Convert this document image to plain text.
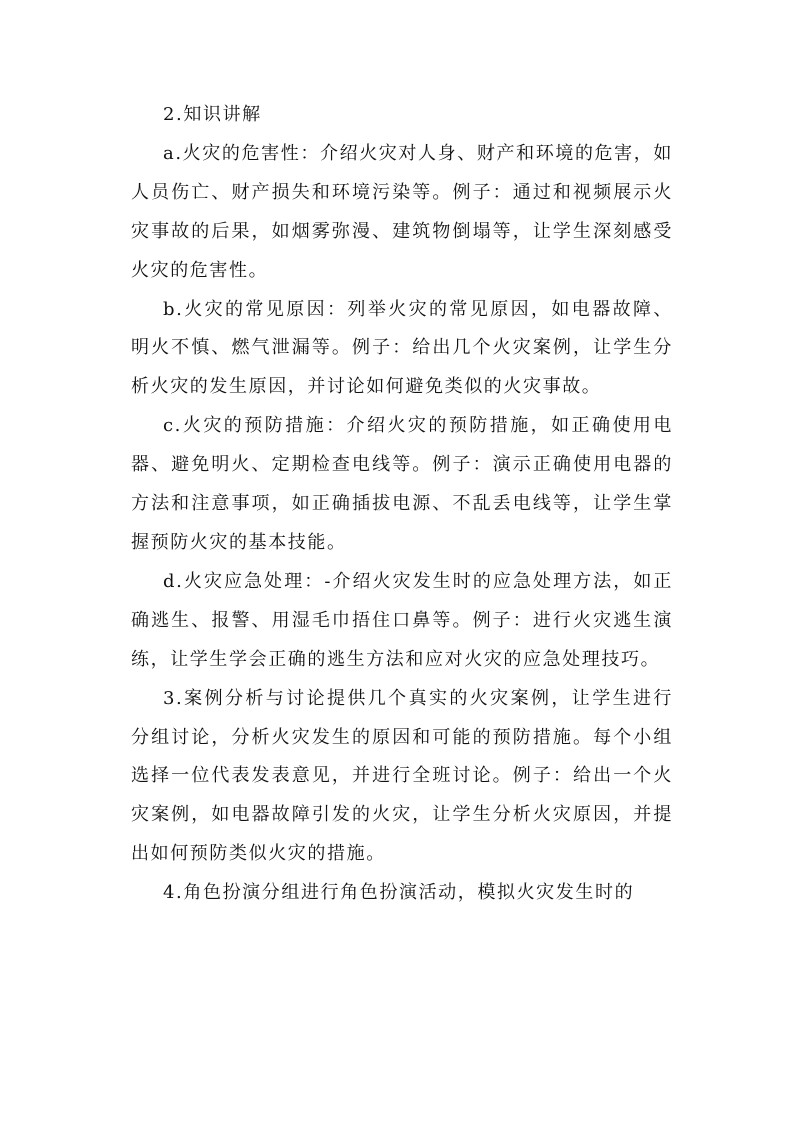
2.知识讲解

a.火灾的危害性：介绍火灾对人身、财产和环境的危害，如人员伤亡、财产损失和环境污染等。例子：通过和视频展示火灾事故的后果，如烟雾弥漫、建筑物倒塌等，让学生深刻感受火灾的危害性。

b.火灾的常见原因：列举火灾的常见原因，如电器故障、明火不慎、燃气泄漏等。例子：给出几个火灾案例，让学生分析火灾的发生原因，并讨论如何避免类似的火灾事故。

c.火灾的预防措施：介绍火灾的预防措施，如正确使用电器、避免明火、定期检查电线等。例子：演示正确使用电器的方法和注意事项，如正确插拔电源、不乱丢电线等，让学生掌握预防火灾的基本技能。

d.火灾应急处理：-介绍火灾发生时的应急处理方法，如正确逃生、报警、用湿毛巾捂住口鼻等。例子：进行火灾逃生演练，让学生学会正确的逃生方法和应对火灾的应急处理技巧。

3.案例分析与讨论提供几个真实的火灾案例，让学生进行分组讨论，分析火灾发生的原因和可能的预防措施。每个小组选择一位代表发表意见，并进行全班讨论。例子：给出一个火灾案例，如电器故障引发的火灾，让学生分析火灾原因，并提出如何预防类似火灾的措施。

4.角色扮演分组进行角色扮演活动，模拟火灾发生时的
